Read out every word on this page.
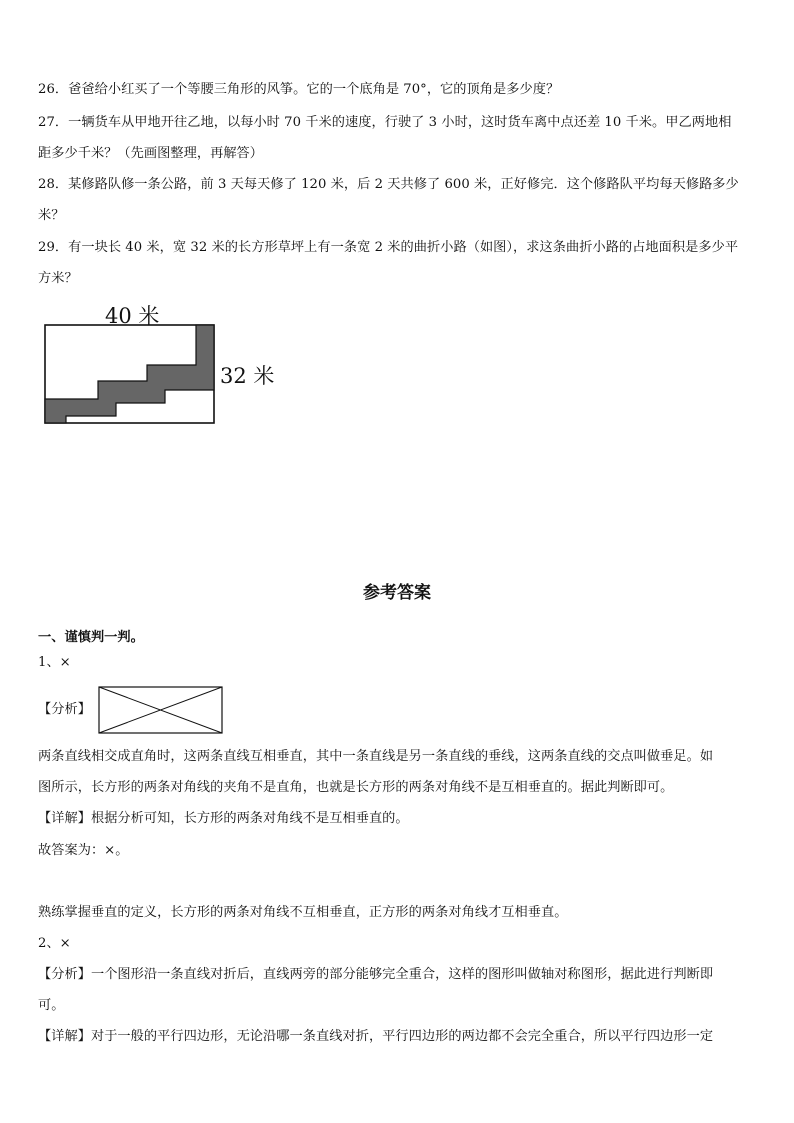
26．爸爸给小红买了一个等腰三角形的风筝。它的一个底角是 70°，它的顶角是多少度？
27．一辆货车从甲地开往乙地，以每小时 70 千米的速度，行驶了 3 小时，这时货车离中点还差 10 千米。甲乙两地相
距多少千米？（先画图整理，再解答）
28．某修路队修一条公路，前 3 天每天修了 120 米，后 2 天共修了 600 米，正好修完．这个修路队平均每天修路多少
米？
29．有一块长 40 米，宽 32 米的长方形草坪上有一条宽 2 米的曲折小路（如图），求这条曲折小路的占地面积是多少平
方米？
40 米
32 米
参考答案
一、谨慎判一判。
1、×
【分析】
两条直线相交成直角时，这两条直线互相垂直，其中一条直线是另一条直线的垂线，这两条直线的交点叫做垂足。如
图所示，长方形的两条对角线的夹角不是直角，也就是长方形的两条对角线不是互相垂直的。据此判断即可。
【详解】根据分析可知，长方形的两条对角线不是互相垂直的。
故答案为：×。
熟练掌握垂直的定义，长方形的两条对角线不互相垂直，正方形的两条对角线才互相垂直。
2、×
【分析】一个图形沿一条直线对折后，直线两旁的部分能够完全重合，这样的图形叫做轴对称图形，据此进行判断即
可。
【详解】对于一般的平行四边形，无论沿哪一条直线对折，平行四边形的两边都不会完全重合，所以平行四边形一定
